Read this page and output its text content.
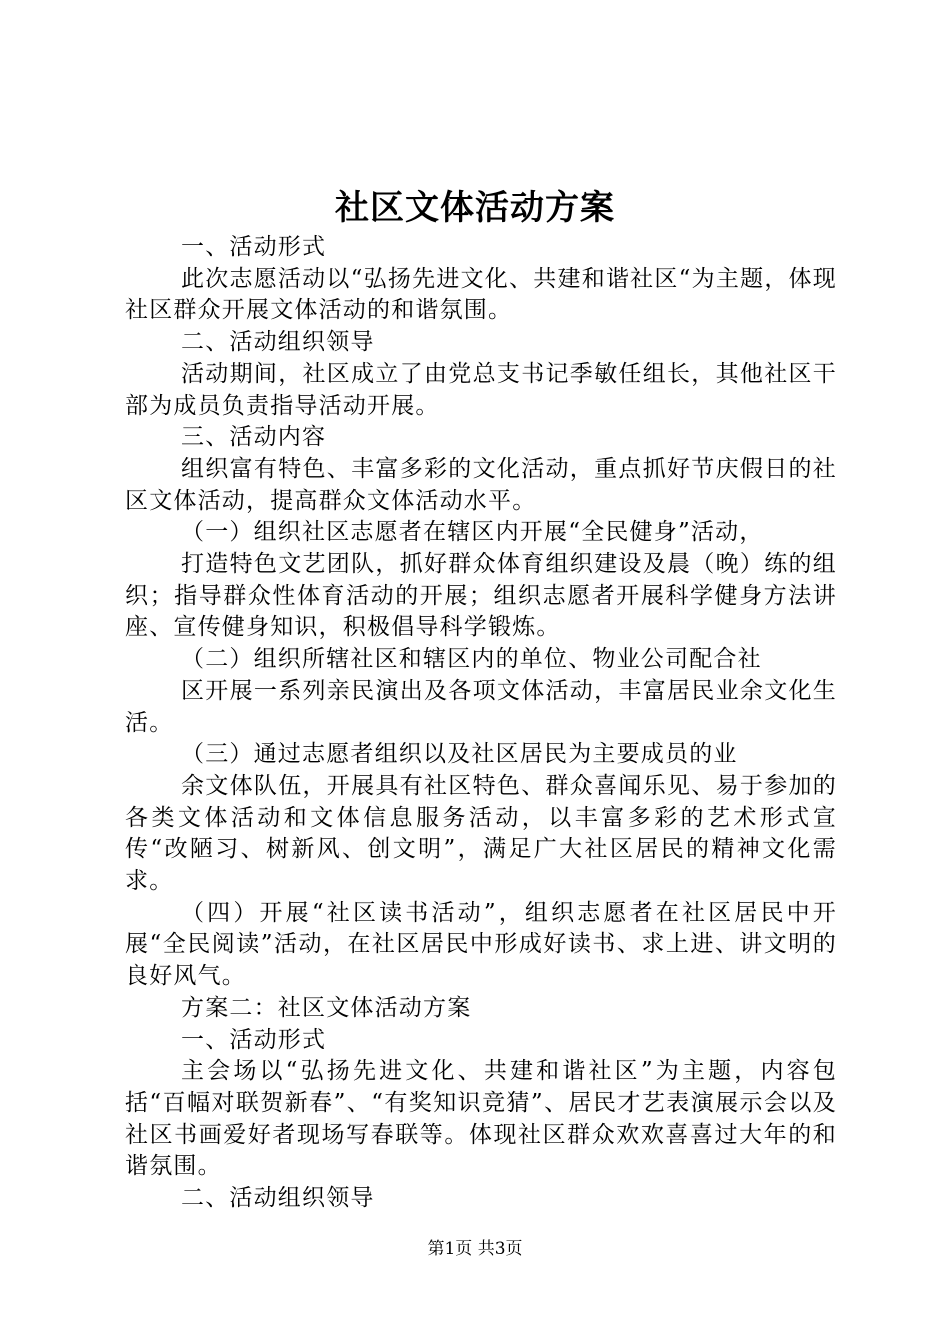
社区文体活动方案

一、活动形式

此次志愿活动以“弘扬先进文化、共建和谐社区“为主题，体现社区群众开展文体活动的和谐氛围。

二、活动组织领导

活动期间，社区成立了由党总支书记季敏任组长，其他社区干部为成员负责指导活动开展。

三、活动内容

组织富有特色、丰富多彩的文化活动，重点抓好节庆假日的社区文体活动，提高群众文体活动水平。

（一）组织社区志愿者在辖区内开展“全民健身”活动，

打造特色文艺团队，抓好群众体育组织建设及晨（晚）练的组织；指导群众性体育活动的开展；组织志愿者开展科学健身方法讲座、宣传健身知识，积极倡导科学锻炼。

（二）组织所辖社区和辖区内的单位、物业公司配合社

区开展一系列亲民演出及各项文体活动，丰富居民业余文化生活。

（三）通过志愿者组织以及社区居民为主要成员的业

余文体队伍，开展具有社区特色、群众喜闻乐见、易于参加的各类文体活动和文体信息服务活动，以丰富多彩的艺术形式宣传“改陋习、树新风、创文明”，满足广大社区居民的精神文化需求。

（四）开展“社区读书活动”，组织志愿者在社区居民中开展“全民阅读”活动，在社区居民中形成好读书、求上进、讲文明的良好风气。

方案二：社区文体活动方案

一、活动形式

主会场以“弘扬先进文化、共建和谐社区”为主题，内容包括“百幅对联贺新春”、“有奖知识竞猜”、居民才艺表演展示会以及社区书画爱好者现场写春联等。体现社区群众欢欢喜喜过大年的和谐氛围。

二、活动组织领导

第1页 共3页
